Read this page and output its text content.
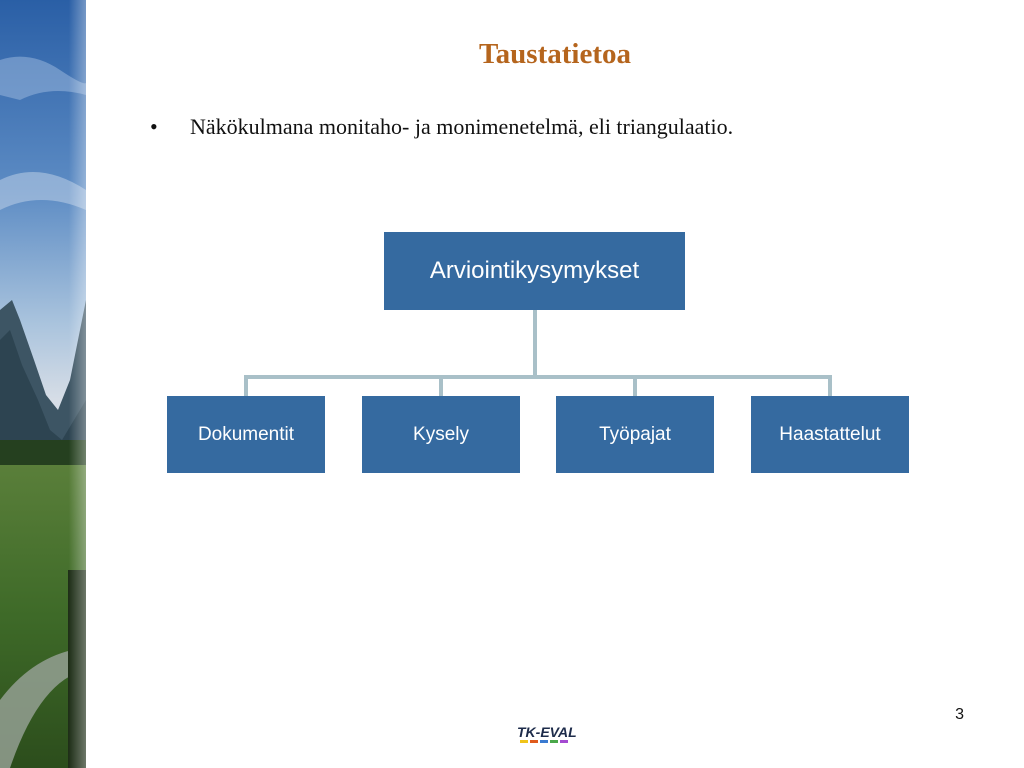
Taustatietoa
• Näkökulmana monitaho- ja monimenetelmä, eli triangulaatio.
Arviointikysymykset
Dokumentit	Kysely	Työpajat	Haastattelut
3
TK-EVAL
